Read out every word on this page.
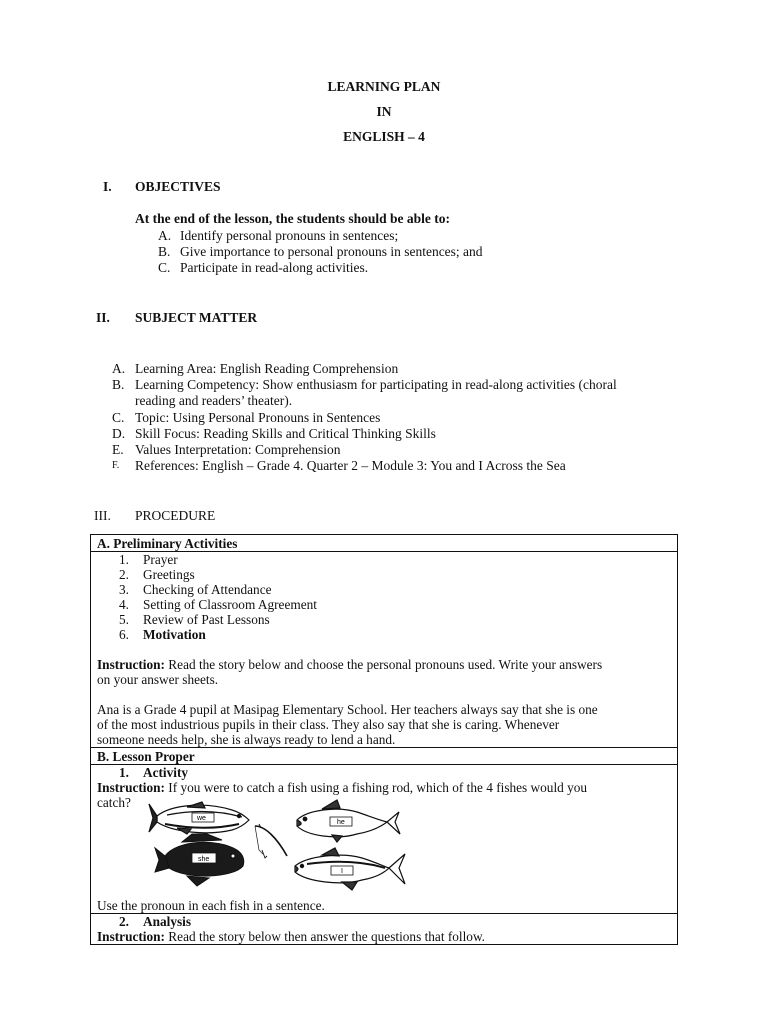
LEARNING PLAN
IN
ENGLISH – 4
I. OBJECTIVES
At the end of the lesson, the students should be able to:
A. Identify personal pronouns in sentences;
B. Give importance to personal pronouns in sentences; and
C. Participate in read-along activities.
II. SUBJECT MATTER
A. Learning Area: English Reading Comprehension
B. Learning Competency: Show enthusiasm for participating in read-along activities (choral
reading and readers’ theater).
C. Topic: Using Personal Pronouns in Sentences
D. Skill Focus: Reading Skills and Critical Thinking Skills
E. Values Interpretation: Comprehension
F. References: English – Grade 4. Quarter 2 – Module 3: You and I Across the Sea
III. PROCEDURE
A. Preliminary Activities

1. Prayer
2. Greetings
3. Checking of Attendance
4. Setting of Classroom Agreement
5. Review of Past Lessons
6. Motivation

Instruction: Read the story below and choose the personal pronouns used. Write your answers

on your answer sheets.

Ana is a Grade 4 pupil at Masipag Elementary School. Her teachers always say that she is one

of the most industrious pupils in their class. They also say that she is caring. Whenever

someone needs help, she is always ready to lend a hand.

B. Lesson Proper

1. Activity

Instruction: If you were to catch a fish using a fishing rod, which of the 4 fishes would you

catch?

we
he
she
I

Use the pronoun in each fish in a sentence.

2. Analysis

Instruction: Read the story below then answer the questions that follow.
